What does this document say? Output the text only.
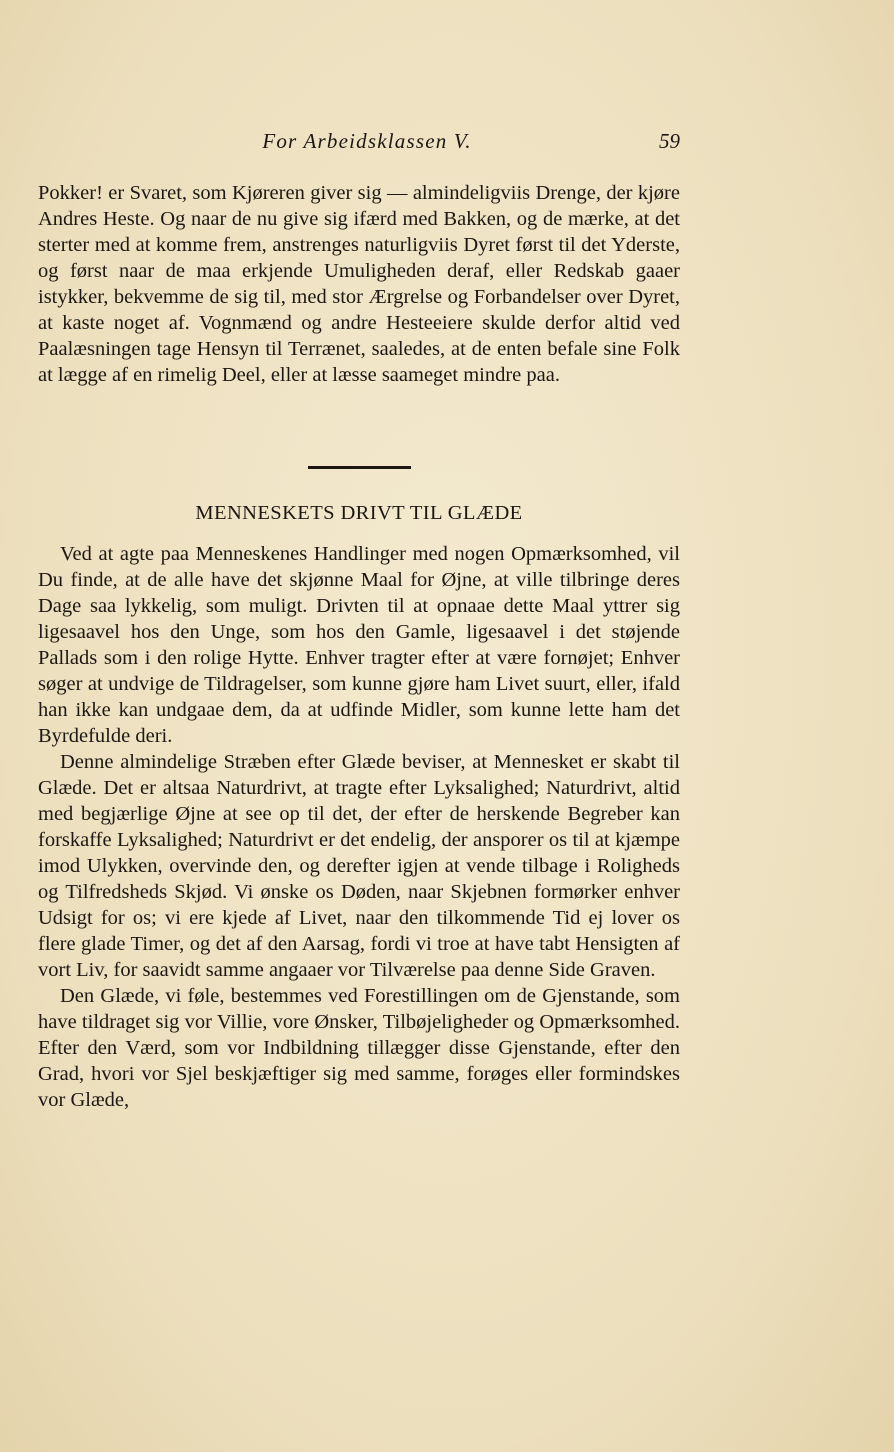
For Arbeidsklassen V.	59

Pokker! er Svaret, som Kjøreren giver sig — almindeligviis Drenge, der kjøre Andres Heste. Og naar de nu give sig ifærd med Bakken, og de mærke, at det sterter med at komme frem, anstrenges naturligviis Dyret først til det Yderste, og først naar de maa erkjende Umuligheden deraf, eller Redskab gaaer istykker, bekvemme de sig til, med stor Ærgrelse og Forbandelser over Dyret, at kaste noget af. Vognmænd og andre Hesteeiere skulde derfor altid ved Paalæsningen tage Hensyn til Terrænet, saaledes, at de enten befale sine Folk at lægge af en rimelig Deel, eller at læsse saameget mindre paa.

MENNESKETS DRIVT TIL GLÆDE

Ved at agte paa Menneskenes Handlinger med nogen Opmærksomhed, vil Du finde, at de alle have det skjønne Maal for Øjne, at ville tilbringe deres Dage saa lykkelig, som muligt. Drivten til at opnaae dette Maal yttrer sig ligesaavel hos den Unge, som hos den Gamle, ligesaavel i det støjende Pallads som i den rolige Hytte. Enhver tragter efter at være fornøjet; Enhver søger at undvige de Tildragelser, som kunne gjøre ham Livet suurt, eller, ifald han ikke kan undgaae dem, da at udfinde Midler, som kunne lette ham det Byrdefulde deri.

Denne almindelige Stræben efter Glæde beviser, at Mennesket er skabt til Glæde. Det er altsaa Naturdrivt, at tragte efter Lyksalighed; Naturdrivt, altid med begjærlige Øjne at see op til det, der efter de herskende Begreber kan forskaffe Lyksalighed; Naturdrivt er det endelig, der ansporer os til at kjæmpe imod Ulykken, overvinde den, og derefter igjen at vende tilbage i Roligheds og Tilfredsheds Skjød. Vi ønske os Døden, naar Skjebnen formørker enhver Udsigt for os; vi ere kjede af Livet, naar den tilkommende Tid ej lover os flere glade Timer, og det af den Aarsag, fordi vi troe at have tabt Hensigten af vort Liv, for saavidt samme angaaer vor Tilværelse paa denne Side Graven.

Den Glæde, vi føle, bestemmes ved Forestillingen om de Gjenstande, som have tildraget sig vor Villie, vore Ønsker, Tilbøjeligheder og Opmærksomhed. Efter den Værd, som vor Indbildning tillægger disse Gjenstande, efter den Grad, hvori vor Sjel beskjæftiger sig med samme, forøges eller formindskes vor Glæde,
